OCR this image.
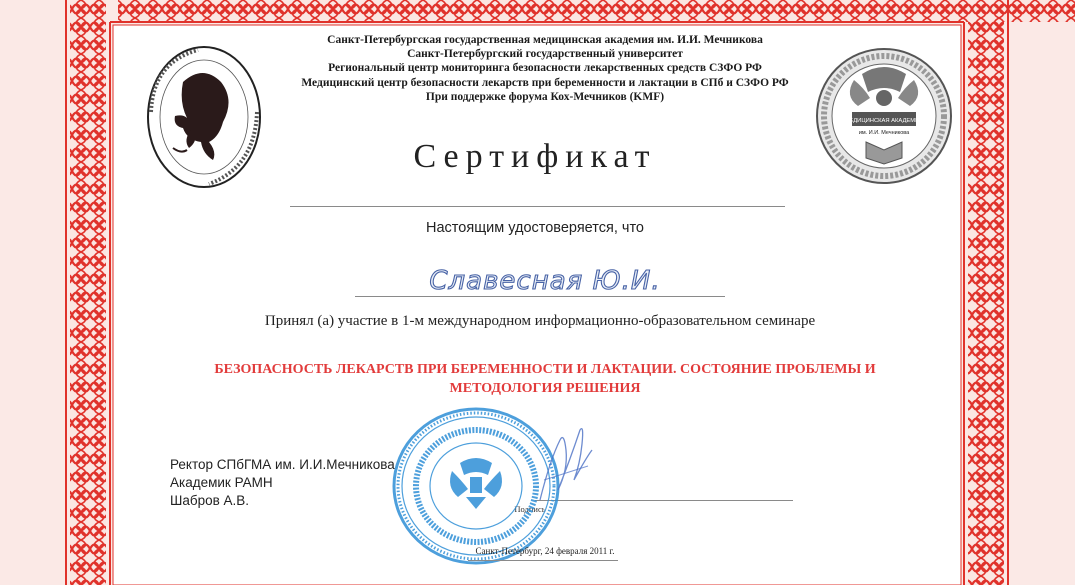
Санкт-Петербургская государственная медицинская академия им. И.И. Мечникова
Санкт-Петербургский государственный университет
Региональный центр мониторинга безопасности лекарственных средств СЗФО РФ
Медицинский центр безопасности лекарств при беременности и лактации в СПб и СЗФО РФ
При поддержке форума Кох-Мечников (KMF)
МЕДИЦИНСКАЯ АКАДЕМИЯ
им. И.И. Мечникова
Сертификат
Настоящим удостоверяется, что
Славесная Ю.И.
Принял (а) участие в 1-м международном информационно-образовательном семинаре
БЕЗОПАСНОСТЬ ЛЕКАРСТВ ПРИ БЕРЕМЕННОСТИ И ЛАКТАЦИИ. СОСТОЯНИЕ ПРОБЛЕМЫ И
МЕТОДОЛОГИЯ РЕШЕНИЯ
Ректор СПбГМА им. И.И.Мечникова
Академик РАМН
Шабров А.В.
Подпись
Санкт-Петербург, 24 февраля 2011 г.
